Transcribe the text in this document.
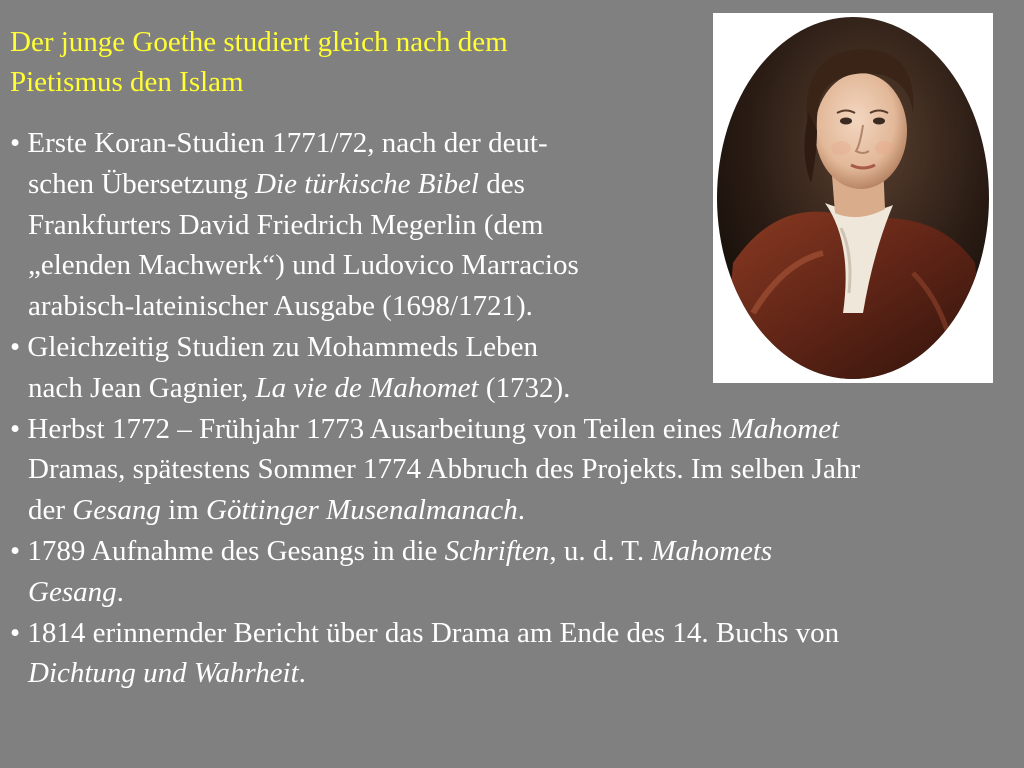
Der junge Goethe studiert gleich nach dem
Pietismus den Islam
• Erste Koran-Studien 1771/72, nach der deut-
schen Übersetzung Die türkische Bibel des
Frankfurters David Friedrich Megerlin (dem
„elenden Machwerk“) und Ludovico Marracios
arabisch-lateinischer Ausgabe (1698/1721).
• Gleichzeitig Studien zu Mohammeds Leben
nach Jean Gagnier, La vie de Mahomet (1732).
• Herbst 1772 – Frühjahr 1773 Ausarbeitung von Teilen eines Mahomet
Dramas, spätestens Sommer 1774 Abbruch des Projekts. Im selben Jahr
der Gesang im Göttinger Musenalmanach.
• 1789 Aufnahme des Gesangs in die Schriften, u. d. T. Mahomets
Gesang.
• 1814 erinnernder Bericht über das Drama am Ende des 14. Buchs von
Dichtung und Wahrheit.
